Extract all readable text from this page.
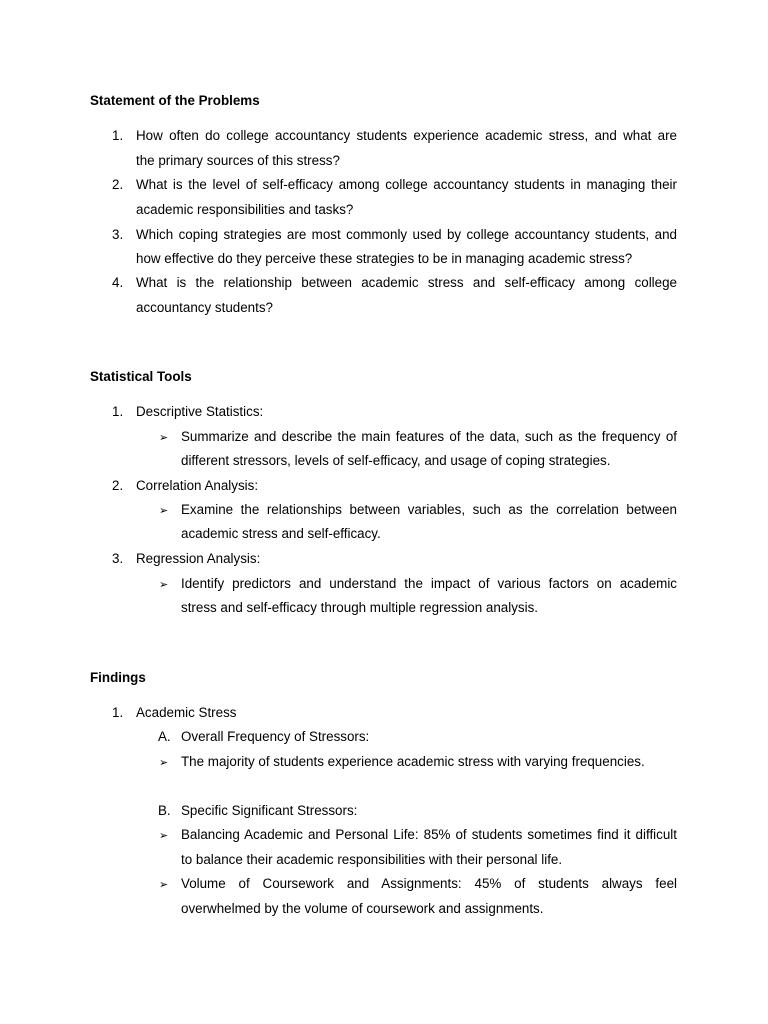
Statement of the Problems
1. How often do college accountancy students experience academic stress, and what are
the primary sources of this stress?
2. What is the level of self-efficacy among college accountancy students in managing their
academic responsibilities and tasks?
3. Which coping strategies are most commonly used by college accountancy students, and
how effective do they perceive these strategies to be in managing academic stress?
4. What is the relationship between academic stress and self-efficacy among college
accountancy students?
Statistical Tools
1. Descriptive Statistics:
➢ Summarize and describe the main features of the data, such as the frequency of
different stressors, levels of self-efficacy, and usage of coping strategies.
2. Correlation Analysis:
➢ Examine the relationships between variables, such as the correlation between
academic stress and self-efficacy.
3. Regression Analysis:
➢ Identify predictors and understand the impact of various factors on academic
stress and self-efficacy through multiple regression analysis.
Findings
1. Academic Stress
A. Overall Frequency of Stressors:
➢ The majority of students experience academic stress with varying frequencies.
B. Specific Significant Stressors:
➢ Balancing Academic and Personal Life: 85% of students sometimes find it difficult
to balance their academic responsibilities with their personal life.
➢ Volume of Coursework and Assignments: 45% of students always feel
overwhelmed by the volume of coursework and assignments.
